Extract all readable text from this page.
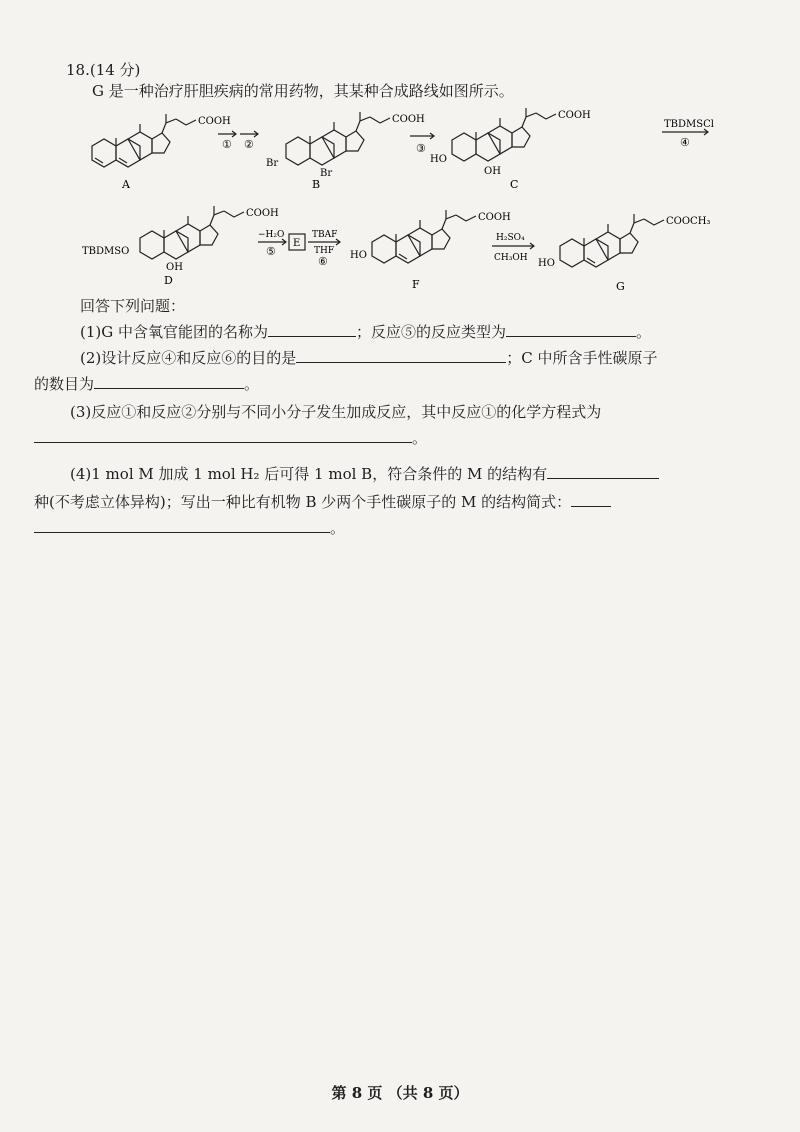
18.(14 分)
G 是一种治疗肝胆疾病的常用药物，其某种合成路线如图所示。
COOH
A
① ②
Br
Br
COOH
B
③
HO
OH
COOH
C
TBDMSCl
④
TBDMSO
OH
COOH
D
−H₂O
⑤
E
TBAF
THF
⑥ HO
COOH
F
H₂SO₄
CH₃OH HO
COOCH₃
G
回答下列问题：
(1)G 中含氧官能团的名称为	；反应⑤的反应类型为	。
(2)设计反应④和反应⑥的目的是	；C 中所含手性碳原子
的数目为	。
(3)反应①和反应②分别与不同小分子发生加成反应，其中反应①的化学方程式为
。
(4)1 mol M 加成 1 mol H₂ 后可得 1 mol B，符合条件的 M 的结构有
种(不考虑立体异构)；写出一种比有机物 B 少两个手性碳原子的 M 的结构简式：
。
第 8 页 （共 8 页）
